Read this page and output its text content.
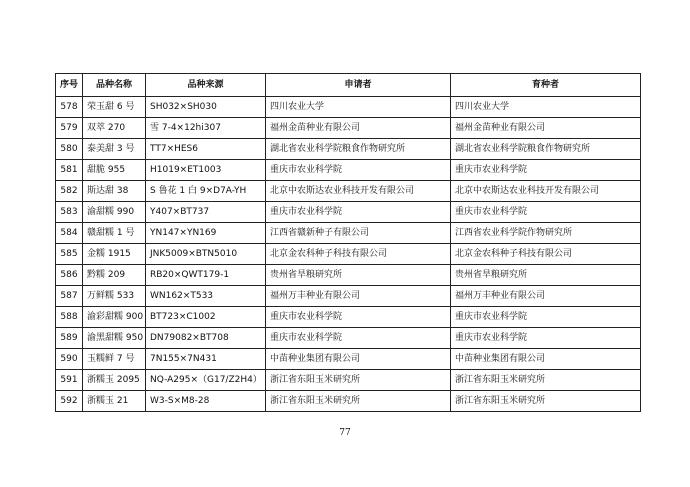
序号	品种名称	品种来源	申请者	育种者
578	荣玉甜 6 号	SH032×SH030	四川农业大学	四川农业大学
579	双萃 270	雪 7-4×12hi307	福州金苗种业有限公司	福州金苗种业有限公司
580	泰美甜 3 号	TT7×HES6	湖北省农业科学院粮食作物研究所	湖北省农业科学院粮食作物研究所
581	甜脆 955	H1019×ET1003	重庆市农业科学院	重庆市农业科学院
582	斯达甜 38	S 鲁花 1 白 9×D7A-YH	北京中农斯达农业科技开发有限公司	北京中农斯达农业科技开发有限公司
583	渝甜糯 990	Y407×BT737	重庆市农业科学院	重庆市农业科学院
584	赣甜糯 1 号	YN147×YN169	江西省赣新种子有限公司	江西省农业科学院作物研究所
585	金糯 1915	JNK5009×BTN5010	北京金农科种子科技有限公司	北京金农科种子科技有限公司
586	黔糯 209	RB20×QWT179-1	贵州省旱粮研究所	贵州省旱粮研究所
587	万鲜糯 533	WN162×T533	福州万丰种业有限公司	福州万丰种业有限公司
588	渝彩甜糯 900	BT723×C1002	重庆市农业科学院	重庆市农业科学院
589	渝黑甜糯 950	DN79082×BT708	重庆市农业科学院	重庆市农业科学院
590	玉糯鲜 7 号	7N155×7N431	中苗种业集团有限公司	中苗种业集团有限公司
591	浙糯玉 2095	NQ-A295×（G17/Z2H4）	浙江省东阳玉米研究所	浙江省东阳玉米研究所
592	浙糯玉 21	W3-S×M8-28	浙江省东阳玉米研究所	浙江省东阳玉米研究所
77
